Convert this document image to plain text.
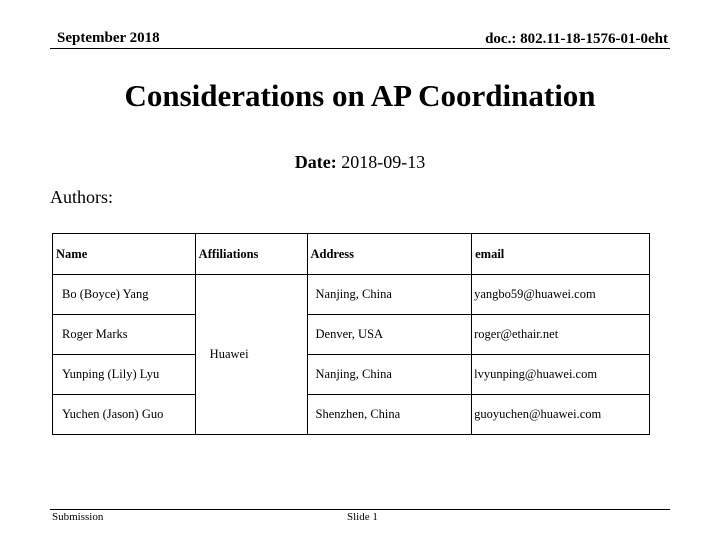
September 2018	doc.: 802.11-18-1576-01-0eht
Considerations on AP Coordination
Date: 2018-09-13
Authors:
Name	Affiliations	Address	email
Bo (Boyce) Yang	Huawei	Nanjing, China	yangbo59@huawei.com
Roger Marks		Denver, USA	roger@ethair.net
Yunping (Lily) Lyu		Nanjing, China	lvyunping@huawei.com
Yuchen (Jason) Guo		Shenzhen, China	guoyuchen@huawei.com
Submission	Slide 1
